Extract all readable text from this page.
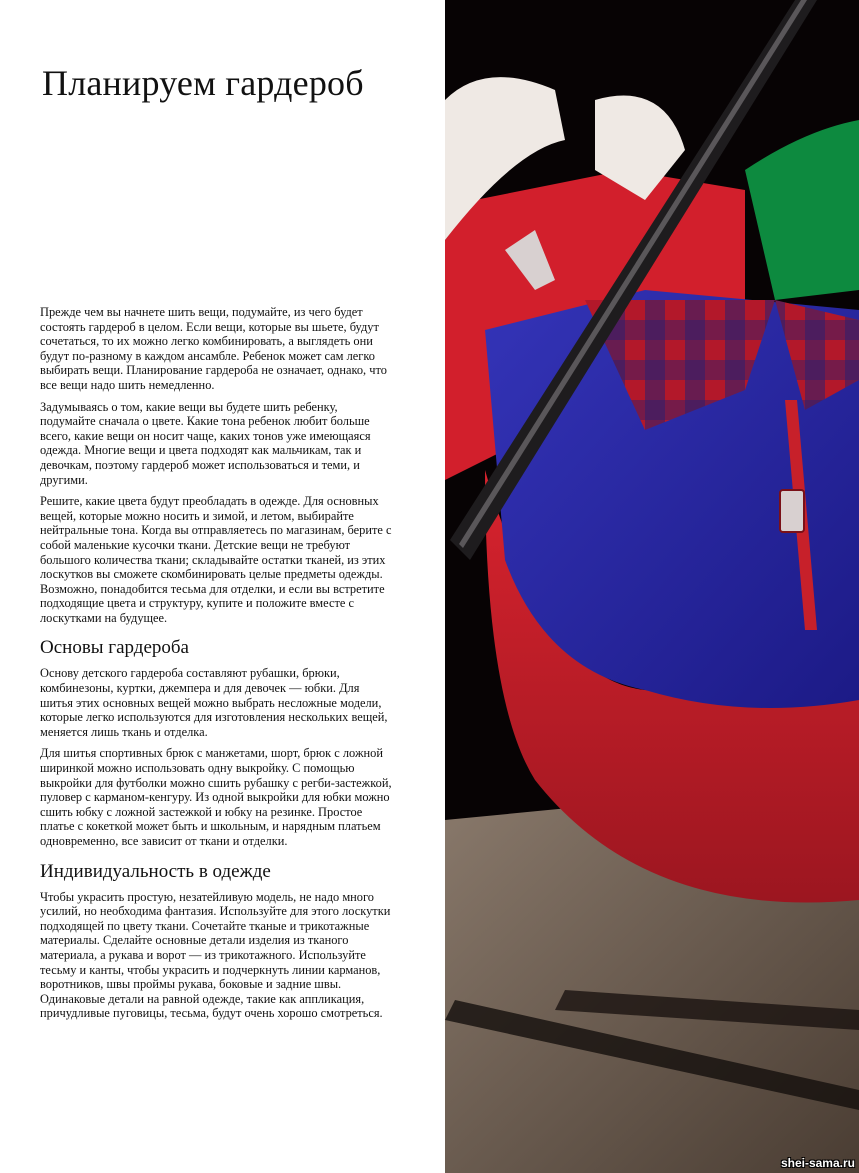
Планируем гардероб

Прежде чем вы начнете шить вещи, подумайте, из чего будет состоять гардероб в целом. Если вещи, которые вы шьете, будут сочетаться, то их можно легко комбинировать, а выглядеть они будут по-разному в каждом ансамбле. Ребенок может сам легко выбирать вещи. Планирование гардероба не означает, однако, что все вещи надо шить немедленно.

Задумываясь о том, какие вещи вы будете шить ребенку, подумайте сначала о цвете. Какие тона ребенок любит больше всего, какие вещи он носит чаще, каких тонов уже имеющаяся одежда. Многие вещи и цвета подходят как мальчикам, так и девочкам, поэтому гардероб может использоваться и теми, и другими.

Решите, какие цвета будут преобладать в одежде. Для основных вещей, которые можно носить и зимой, и летом, выбирайте нейтральные тона. Когда вы отправляетесь по магазинам, берите с собой маленькие кусочки ткани. Детские вещи не требуют большого количества ткани; складывайте остатки тканей, из этих лоскутков вы сможете скомбинировать целые предметы одежды. Возможно, понадобится тесьма для отделки, и если вы встретите подходящие цвета и структуру, купите и положите вместе с лоскутками на будущее.

Основы гардероба

Основу детского гардероба составляют рубашки, брюки, комбинезоны, куртки, джемпера и для девочек — юбки. Для шитья этих основных вещей можно выбрать несложные модели, которые легко используются для изготовления нескольких вещей, меняется лишь ткань и отделка.

Для шитья спортивных брюк с манжетами, шорт, брюк с ложной ширинкой можно использовать одну выкройку. С помощью выкройки для футболки можно сшить рубашку с регби-застежкой, пуловер с карманом-кенгуру. Из одной выкройки для юбки можно сшить юбку с ложной застежкой и юбку на резинке. Простое платье с кокеткой может быть и школьным, и нарядным платьем одновременно, все зависит от ткани и отделки.

Индивидуальность в одежде

Чтобы украсить простую, незатейливую модель, не надо много усилий, но необходима фантазия. Используйте для этого лоскутки подходящей по цвету ткани. Сочетайте тканые и трикотажные материалы. Сделайте основные детали изделия из тканого материала, а рукава и ворот — из трикотажного. Используйте тесьму и канты, чтобы украсить и подчеркнуть линии карманов, воротников, швы проймы рукава, боковые и задние швы. Одинаковые детали на равной одежде, такие как аппликация, причудливые пуговицы, тесьма, будут очень хорошо смотреться.

shei-sama.ru
